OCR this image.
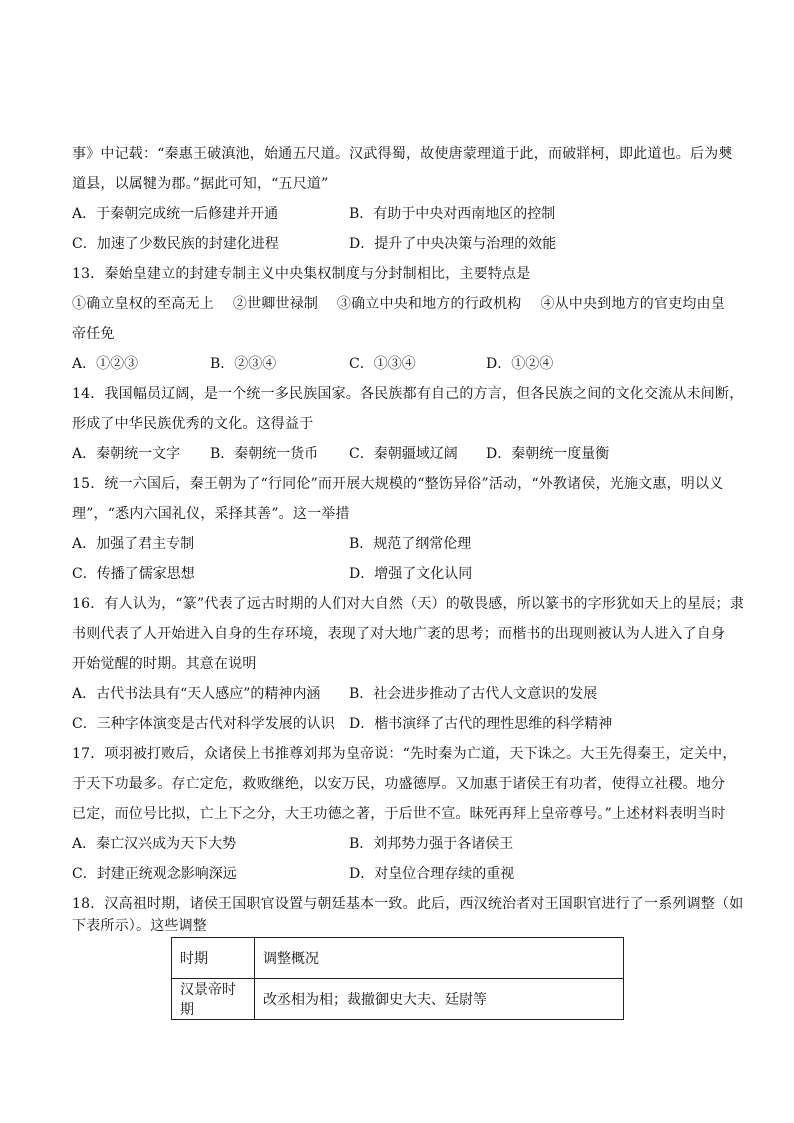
事》中记载：“秦惠王破滇池，始通五尺道。汉武得蜀，故使唐蒙理道于此，而破牂柯，即此道也。后为僰
道县，以属犍为郡。”据此可知，“五尺道”
A．于秦朝完成统一后修建并开通	B．有助于中央对西南地区的控制
C．加速了少数民族的封建化进程	D．提升了中央决策与治理的效能
13．秦始皇建立的封建专制主义中央集权制度与分封制相比，主要特点是
①确立皇权的至高无上　 ②世卿世禄制　 ③确立中央和地方的行政机构　 ④从中央到地方的官吏均由皇
帝任免
A．①②③	B．②③④	C．①③④	D．①②④
14．我国幅员辽阔，是一个统一多民族国家。各民族都有自己的方言，但各民族之间的文化交流从未间断，
形成了中华民族优秀的文化。这得益于
A．秦朝统一文字 B．秦朝统一货币 C．秦朝疆域辽阔 D．秦朝统一度量衡
15．统一六国后，秦王朝为了“行同伦”而开展大规模的“整饬异俗”活动，“外教诸侯，光施文惠，明以义
理”，“悉内六国礼仪，采择其善”。这一举措
A．加强了君主专制	B．规范了纲常伦理
C．传播了儒家思想	D．增强了文化认同
16．有人认为，“篆”代表了远古时期的人们对大自然（天）的敬畏感，所以篆书的字形犹如天上的星辰；隶
书则代表了人开始进入自身的生存环境，表现了对大地广袤的思考；而楷书的出现则被认为人进入了自身
开始觉醒的时期。其意在说明
A．古代书法具有“天人感应”的精神内涵 B．社会进步推动了古代人文意识的发展
C．三种字体演变是古代对科学发展的认识 D．楷书演绎了古代的理性思维的科学精神
17．项羽被打败后，众诸侯上书推尊刘邦为皇帝说：“先时秦为亡道，天下诛之。大王先得秦王，定关中，
于天下功最多。存亡定危，救败继绝，以安万民，功盛德厚。又加惠于诸侯王有功者，使得立社稷。地分
已定，而位号比拟，亡上下之分，大王功德之著，于后世不宣。昧死再拜上皇帝尊号。”上述材料表明当时
A．秦亡汉兴成为天下大势	B．刘邦势力强于各诸侯王
C．封建正统观念影响深远	D．对皇位合理存续的重视
18．汉高祖时期，诸侯王国职官设置与朝廷基本一致。此后，西汉统治者对王国职官进行了一系列调整（如
下表所示）。这些调整
时期	调整概况
汉景帝时期	改丞相为相；裁撤御史大夫、廷尉等
